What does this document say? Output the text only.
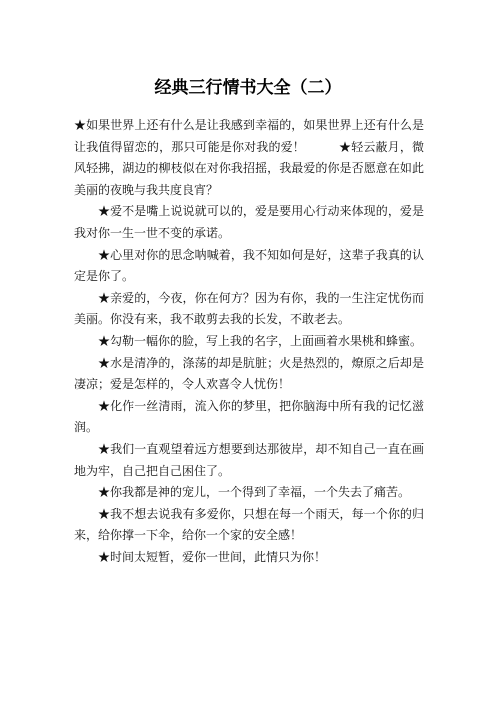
经典三行情书大全（二）

★如果世界上还有什么是让我感到幸福的，如果世界上还有什么是让我值得留恋的，那只可能是你对我的爱！	★轻云蔽月，微风轻拂，湖边的柳枝似在对你我招摇，我最爱的你是否愿意在如此美丽的夜晚与我共度良宵？

★爱不是嘴上说说就可以的，爱是要用心行动来体现的，爱是我对你一生一世不变的承诺。

★心里对你的思念呐喊着，我不知如何是好，这辈子我真的认定是你了。

★亲爱的，今夜，你在何方？因为有你，我的一生注定忧伤而美丽。你没有来，我不敢剪去我的长发，不敢老去。

★勾勒一幅你的脸，写上我的名字，上面画着水果桃和蜂蜜。

★水是清净的，涤荡的却是肮脏；火是热烈的，燎原之后却是凄凉；爱是怎样的，令人欢喜令人忧伤！

★化作一丝清雨，流入你的梦里，把你脑海中所有我的记忆滋润。

★我们一直观望着远方想要到达那彼岸，却不知自己一直在画地为牢，自己把自己困住了。

★你我都是神的宠儿，一个得到了幸福，一个失去了痛苦。

★我不想去说我有多爱你，只想在每一个雨天，每一个你的归来，给你撑一下伞，给你一个家的安全感！

★时间太短暂，爱你一世间，此情只为你！
